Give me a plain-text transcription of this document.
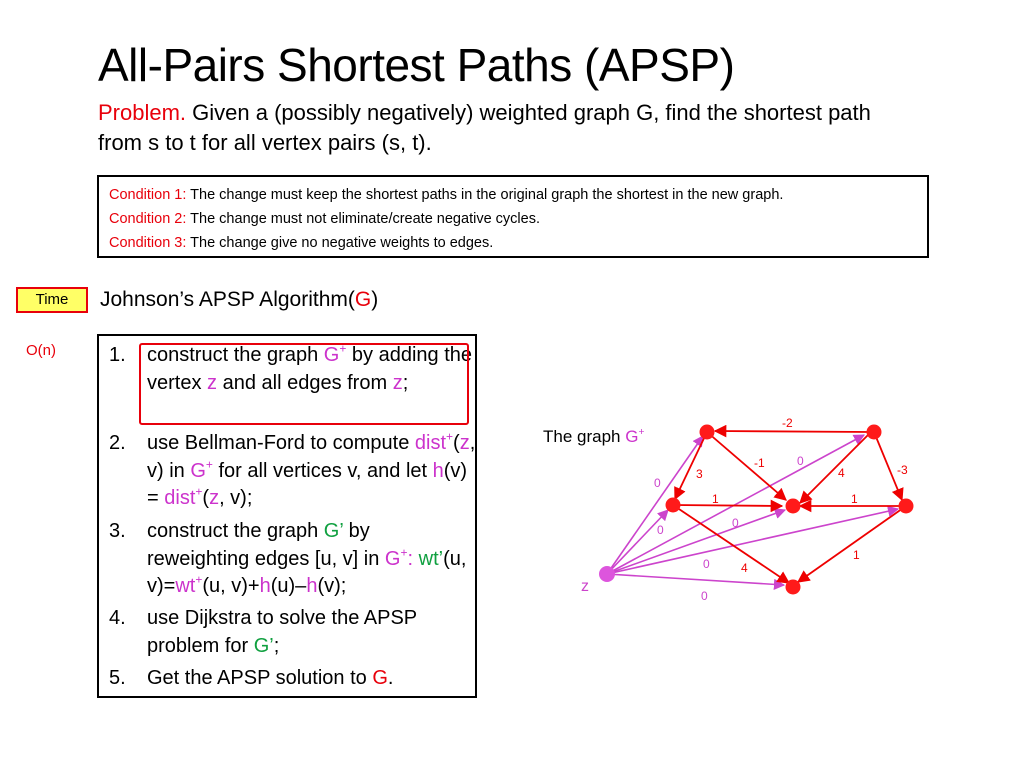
All-Pairs Shortest Paths (APSP)
Problem. Given a (possibly negatively) weighted graph G, find the shortest path from s to t for all vertex pairs (s, t).
Condition 1: The change must keep the shortest paths in the original graph the shortest in the new graph.
Condition 2: The change must not eliminate/create negative cycles.
Condition 3: The change give no negative weights to edges.
Time	Johnson’s APSP Algorithm(G)
O(n)	1. construct the graph G+ by adding the vertex z and all edges from z;
2. use Bellman-Ford to compute dist+(z, v) in G+ for all vertices v, and let h(v) = dist+(z, v);
3. construct the graph G’ by reweighting edges [u, v] in G+: wt’(u, v)=wt+(u, v)+h(u)–h(v);
4. use Dijkstra to solve the APSP problem for G’;
5. Get the APSP solution to G.
The graph G+
-2
-1
4	-3
3
1	1
1
4
0
0
0
0
0
0
z
